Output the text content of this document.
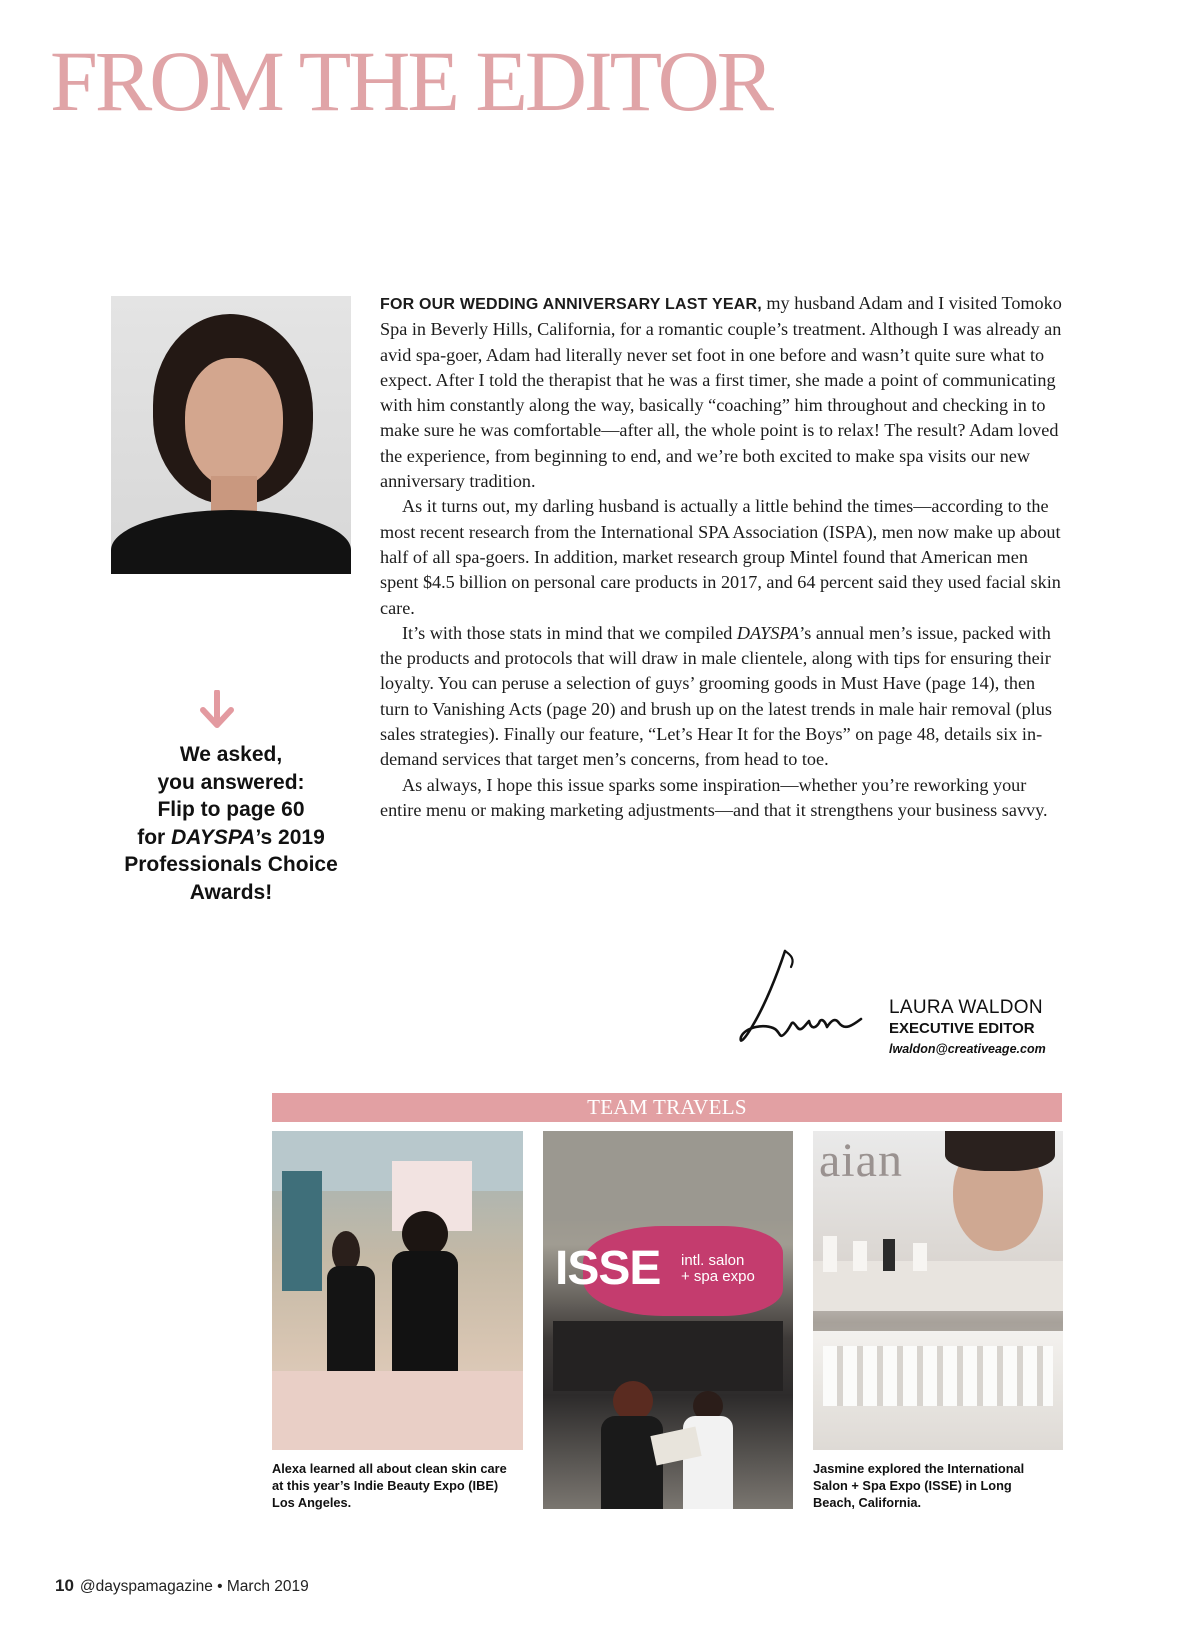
FROM THE EDITOR
We asked,
you answered:
Flip to page 60
for DAYSPA’s 2019
Professionals Choice
Awards!

FOR OUR WEDDING ANNIVERSARY LAST YEAR, my husband Adam and I visited Tomoko Spa in Beverly Hills, California, for a romantic couple’s treatment. Although I was already an avid spa-goer, Adam had literally never set foot in one before and wasn’t quite sure what to expect. After I told the therapist that he was a first timer, she made a point of communicating with him constantly along the way, basically “coaching” him throughout and checking in to make sure he was comfortable—after all, the whole point is to relax! The result? Adam loved the experience, from beginning to end, and we’re both excited to make spa visits our new anniversary tradition.

As it turns out, my darling husband is actually a little behind the times—according to the most recent research from the International SPA Association (ISPA), men now make up about half of all spa-goers. In addition, market research group Mintel found that American men spent $4.5 billion on personal care products in 2017, and 64 percent said they used facial skin care.

It’s with those stats in mind that we compiled DAYSPA’s annual men’s issue, packed with the products and protocols that will draw in male clientele, along with tips for ensuring their loyalty. You can peruse a selection of guys’ grooming goods in Must Have (page 14), then turn to Vanishing Acts (page 20) and brush up on the latest trends in male hair removal (plus sales strategies). Finally our feature, “Let’s Hear It for the Boys” on page 48, details six in-demand services that target men’s concerns, from head to toe.

As always, I hope this issue sparks some inspiration—whether you’re reworking your entire menu or making marketing adjustments—and that it strengthens your business savvy.

LAURA WALDON
EXECUTIVE EDITOR
lwaldon@creativeage.com
TEAM TRAVELS
ISSE intl. salon
+ spa expo
aian
Alexa learned all about clean skin care at this year’s Indie Beauty Expo (IBE) Los Angeles.
Jasmine explored the International Salon + Spa Expo (ISSE) in Long Beach, California.
10 @dayspamagazine • March 2019
